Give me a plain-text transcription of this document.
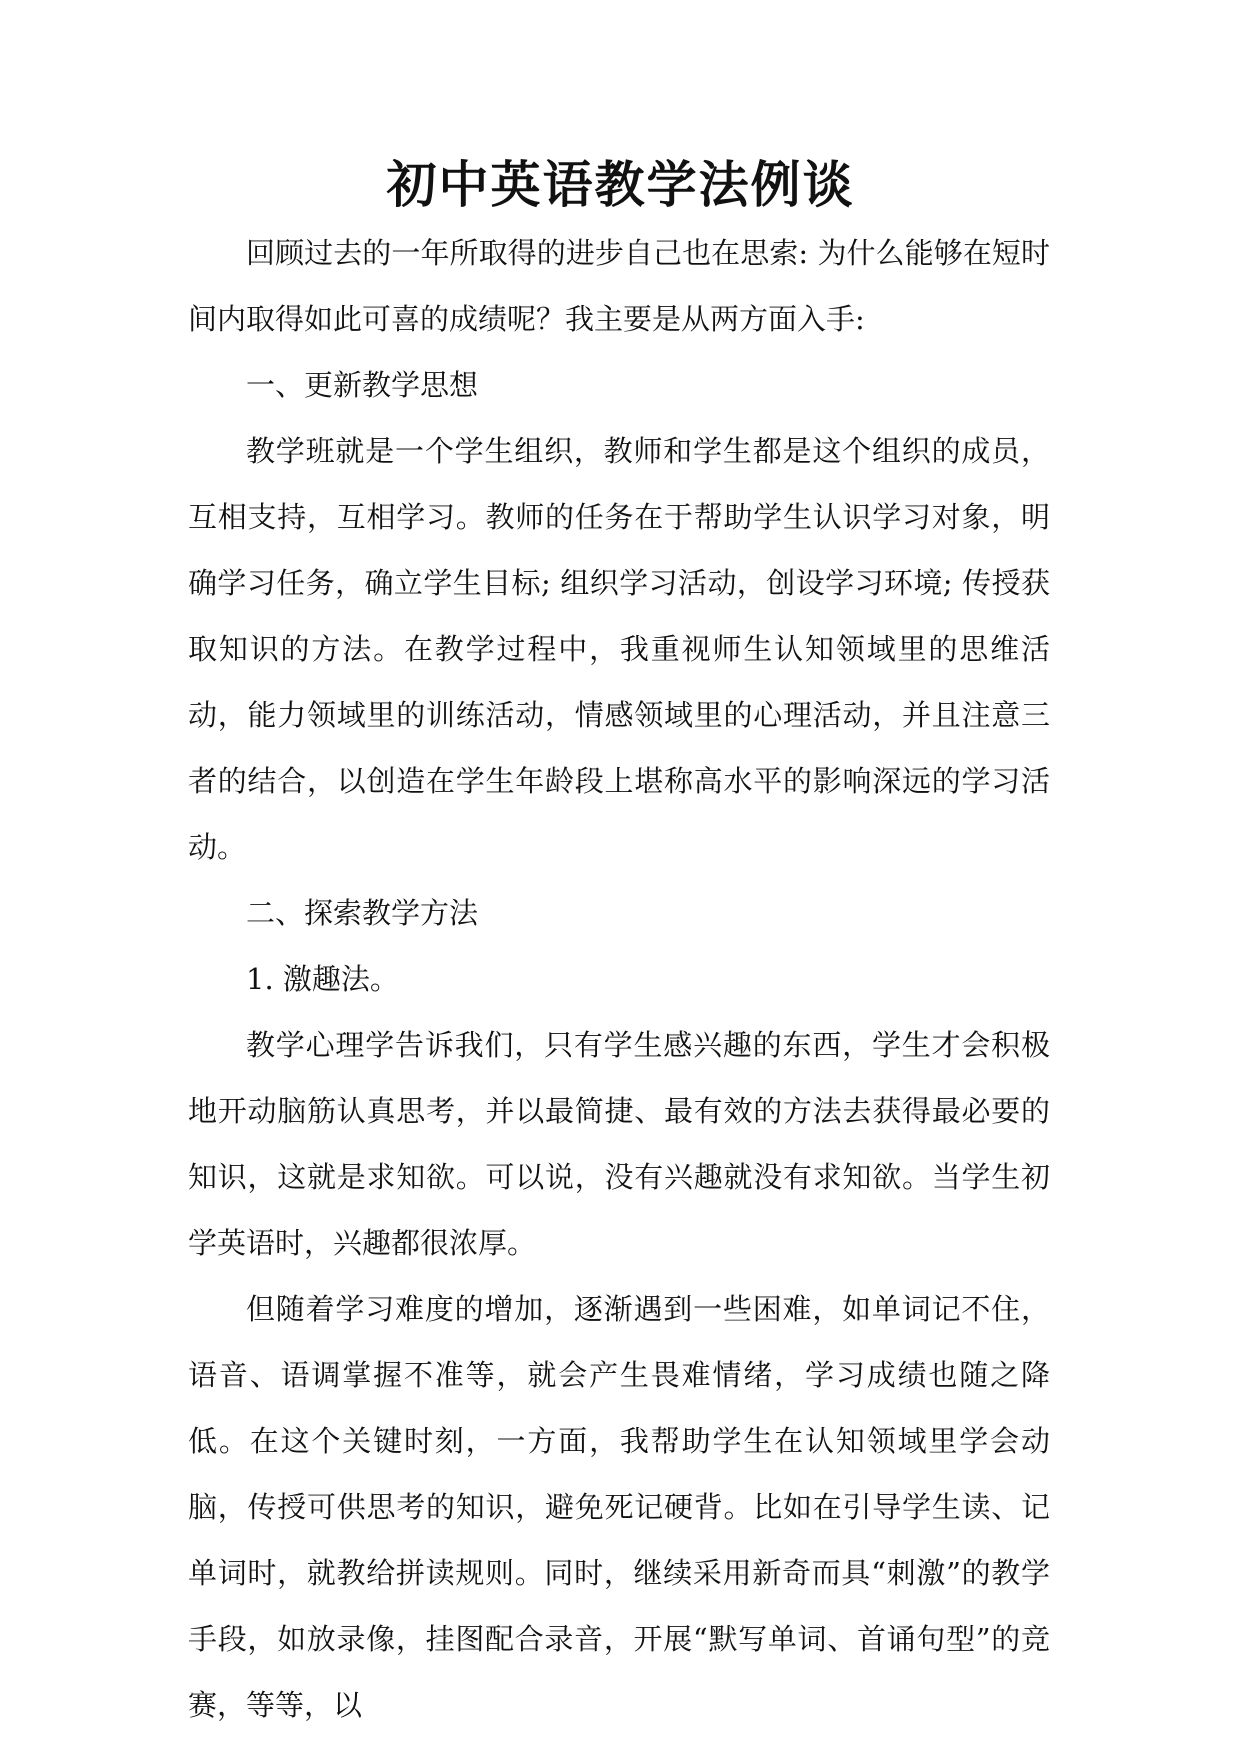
初中英语教学法例谈

回顾过去的一年所取得的进步自己也在思索: 为什么能够在短时间内取得如此可喜的成绩呢？我主要是从两方面入手:

一、更新教学思想

教学班就是一个学生组织，教师和学生都是这个组织的成员，互相支持，互相学习。教师的任务在于帮助学生认识学习对象，明确学习任务，确立学生目标; 组织学习活动，创设学习环境; 传授获取知识的方法。在教学过程中，我重视师生认知领域里的思维活动，能力领域里的训练活动，情感领域里的心理活动，并且注意三者的结合，以创造在学生年龄段上堪称高水平的影响深远的学习活动。

二、探索教学方法

1. 激趣法。

教学心理学告诉我们，只有学生感兴趣的东西，学生才会积极地开动脑筋认真思考，并以最简捷、最有效的方法去获得最必要的知识，这就是求知欲。可以说，没有兴趣就没有求知欲。当学生初学英语时，兴趣都很浓厚。

但随着学习难度的增加，逐渐遇到一些困难，如单词记不住，语音、语调掌握不准等，就会产生畏难情绪，学习成绩也随之降低。在这个关键时刻，一方面，我帮助学生在认知领域里学会动脑，传授可供思考的知识，避免死记硬背。比如在引导学生读、记单词时，就教给拼读规则。同时，继续采用新奇而具“刺激”的教学手段，如放录像，挂图配合录音，开展“默写单词、首诵句型”的竞赛，等等，以
